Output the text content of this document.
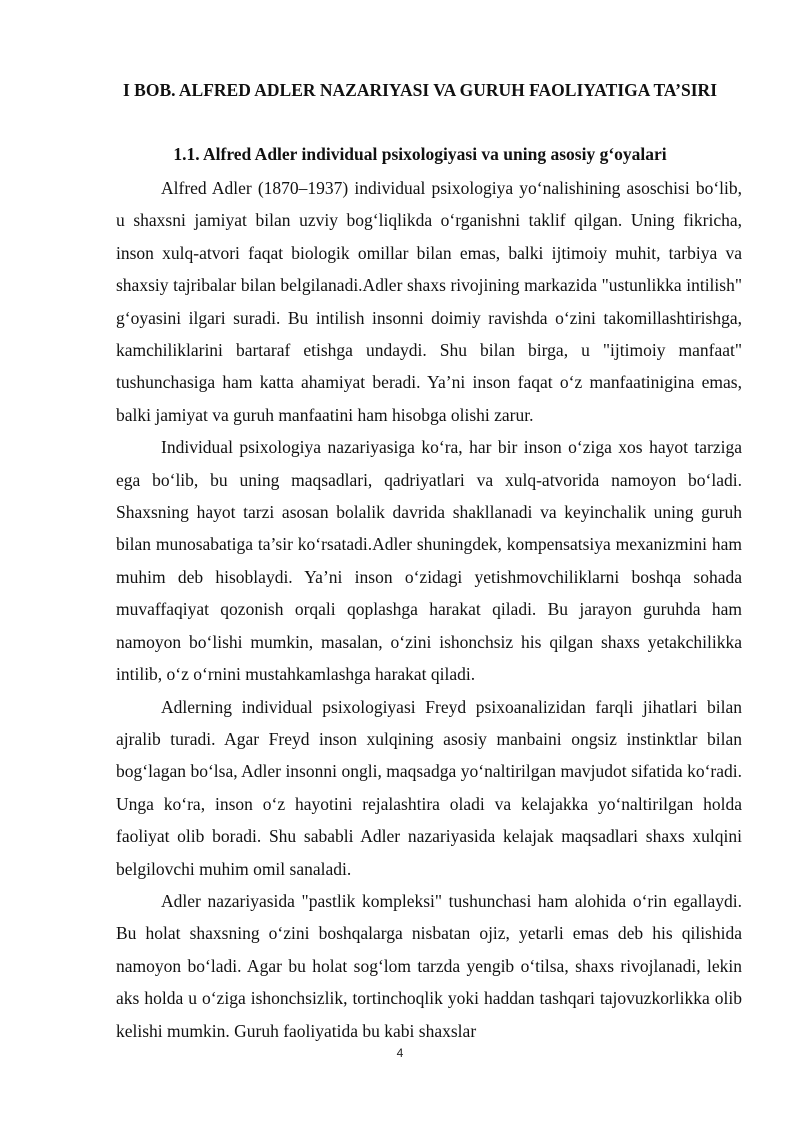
I BOB. ALFRED ADLER NAZARIYASI VA GURUH FAOLIYATIGA TA’SIRI
1.1. Alfred Adler individual psixologiyasi va uning asosiy g‘oyalari

Alfred Adler (1870–1937) individual psixologiya yo‘nalishining asoschisi bo‘lib, u shaxsni jamiyat bilan uzviy bog‘liqlikda o‘rganishni taklif qilgan. Uning fikricha, inson xulq-atvori faqat biologik omillar bilan emas, balki ijtimoiy muhit, tarbiya va shaxsiy tajribalar bilan belgilanadi.Adler shaxs rivojining markazida "ustunlikka intilish" g‘oyasini ilgari suradi. Bu intilish insonni doimiy ravishda o‘zini takomillashtirishga, kamchiliklarini bartaraf etishga undaydi. Shu bilan birga, u "ijtimoiy manfaat" tushunchasiga ham katta ahamiyat beradi. Ya’ni inson faqat o‘z manfaatinigina emas, balki jamiyat va guruh manfaatini ham hisobga olishi zarur.

Individual psixologiya nazariyasiga ko‘ra, har bir inson o‘ziga xos hayot tarziga ega bo‘lib, bu uning maqsadlari, qadriyatlari va xulq-atvorida namoyon bo‘ladi. Shaxsning hayot tarzi asosan bolalik davrida shakllanadi va keyinchalik uning guruh bilan munosabatiga ta’sir ko‘rsatadi.Adler shuningdek, kompensatsiya mexanizmini ham muhim deb hisoblaydi. Ya’ni inson o‘zidagi yetishmovchiliklarni boshqa sohada muvaffaqiyat qozonish orqali qoplashga harakat qiladi. Bu jarayon guruhda ham namoyon bo‘lishi mumkin, masalan, o‘zini ishonchsiz his qilgan shaxs yetakchilikka intilib, o‘z o‘rnini mustahkamlashga harakat qiladi.

Adlerning individual psixologiyasi Freyd psixoanalizidan farqli jihatlari bilan ajralib turadi. Agar Freyd inson xulqining asosiy manbaini ongsiz instinktlar bilan bog‘lagan bo‘lsa, Adler insonni ongli, maqsadga yo‘naltirilgan mavjudot sifatida ko‘radi. Unga ko‘ra, inson o‘z hayotini rejalashtira oladi va kelajakka yo‘naltirilgan holda faoliyat olib boradi. Shu sababli Adler nazariyasida kelajak maqsadlari shaxs xulqini belgilovchi muhim omil sanaladi.

Adler nazariyasida "pastlik kompleksi" tushunchasi ham alohida o‘rin egallaydi. Bu holat shaxsning o‘zini boshqalarga nisbatan ojiz, yetarli emas deb his qilishida namoyon bo‘ladi. Agar bu holat sog‘lom tarzda yengib o‘tilsa, shaxs rivojlanadi, lekin aks holda u o‘ziga ishonchsizlik, tortinchoqlik yoki haddan tashqari tajovuzkorlikka olib kelishi mumkin. Guruh faoliyatida bu kabi shaxslar

4
